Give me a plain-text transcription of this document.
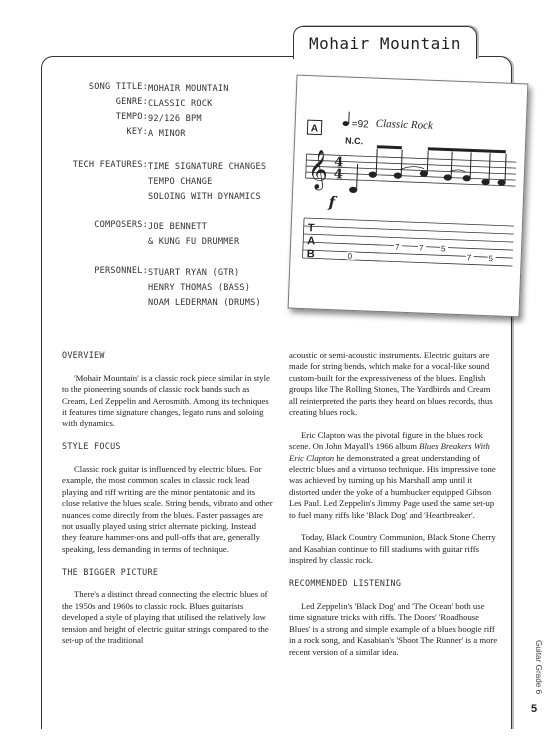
Mohair Mountain
SONG TITLE: MOHAIR MOUNTAIN
GENRE: CLASSIC ROCK
TEMPO: 92/126 BPM
KEY: A MINOR
TECH FEATURES: TIME SIGNATURE CHANGES
TEMPO CHANGE
SOLOING WITH DYNAMICS
COMPOSERS: JOE BENNETT
& KUNG FU DRUMMER
PERSONNEL: STUART RYAN (GTR)
HENRY THOMAS (BASS)
NOAM LEDERMAN (DRUMS)
A	=92 Classic Rock
N.C.
𝄞 4
4
f
T
A
B	0
7 7 5
7 5

OVERVIEW

'Mohair Mountain' is a classic rock piece similar in style to the pioneering sounds of classic rock bands such as Cream, Led Zeppelin and Aerosmith. Among its techniques it features time signature changes, legato runs and soloing with dynamics.

STYLE FOCUS

Classic rock guitar is influenced by electric blues. For example, the most common scales in classic rock lead playing and riff writing are the minor pentatonic and its close relative the blues scale. String bends, vibrato and other nuances come directly from the blues. Faster passages are not usually played using strict alternate picking. Instead they feature hammer-ons and pull-offs that are, generally speaking, less demanding in terms of technique.

THE BIGGER PICTURE

There's a distinct thread connecting the electric blues of the 1950s and 1960s to classic rock. Blues guitarists developed a style of playing that utilised the relatively low tension and height of electric guitar strings compared to the set-up of the traditional

acoustic or semi-acoustic instruments. Electric guitars are made for string bends, which make for a vocal-like sound custom-built for the expressiveness of the blues. English groups like The Rolling Stones, The Yardbirds and Cream all reinterpreted the parts they heard on blues records, thus creating blues rock.

Eric Clapton was the pivotal figure in the blues rock scene. On John Mayall's 1966 album Blues Breakers With Eric Clapton he demonstrated a great understanding of electric blues and a virtuoso technique. His impressive tone was achieved by turning up his Marshall amp until it distorted under the yoke of a humbucker equipped Gibson Les Paul. Led Zeppelin's Jimmy Page used the same set-up to fuel many riffs like 'Black Dog' and 'Heartbreaker'.

Today, Black Country Communion, Black Stone Cherry and Kasabian continue to fill stadiums with guitar riffs inspired by classic rock.

RECOMMENDED LISTENING

Led Zeppelin's 'Black Dog' and 'The Ocean' both use time signature tricks with riffs. The Doors' 'Roadhouse Blues' is a strong and simple example of a blues boogie riff in a rock song, and Kasabian's 'Shoot The Runner' is a more recent version of a similar idea.	Guitar Grade 6
5
